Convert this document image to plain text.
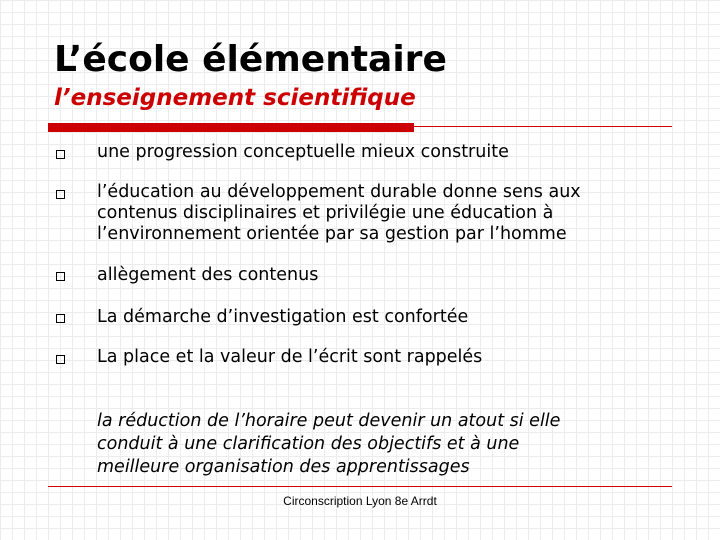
L’école élémentaire
l’enseignement scientifique
une progression conceptuelle mieux construite
l’éducation au développement durable donne sens aux
contenus disciplinaires et privilégie une éducation à
l’environnement orientée par sa gestion par l’homme
allègement des contenus
La démarche d’investigation est confortée
La place et la valeur de l’écrit sont rappelés

la réduction de l’horaire peut devenir un atout si elle
conduit à une clarification des objectifs et à une
meilleure organisation des apprentissages

Circonscription Lyon 8e Arrdt
